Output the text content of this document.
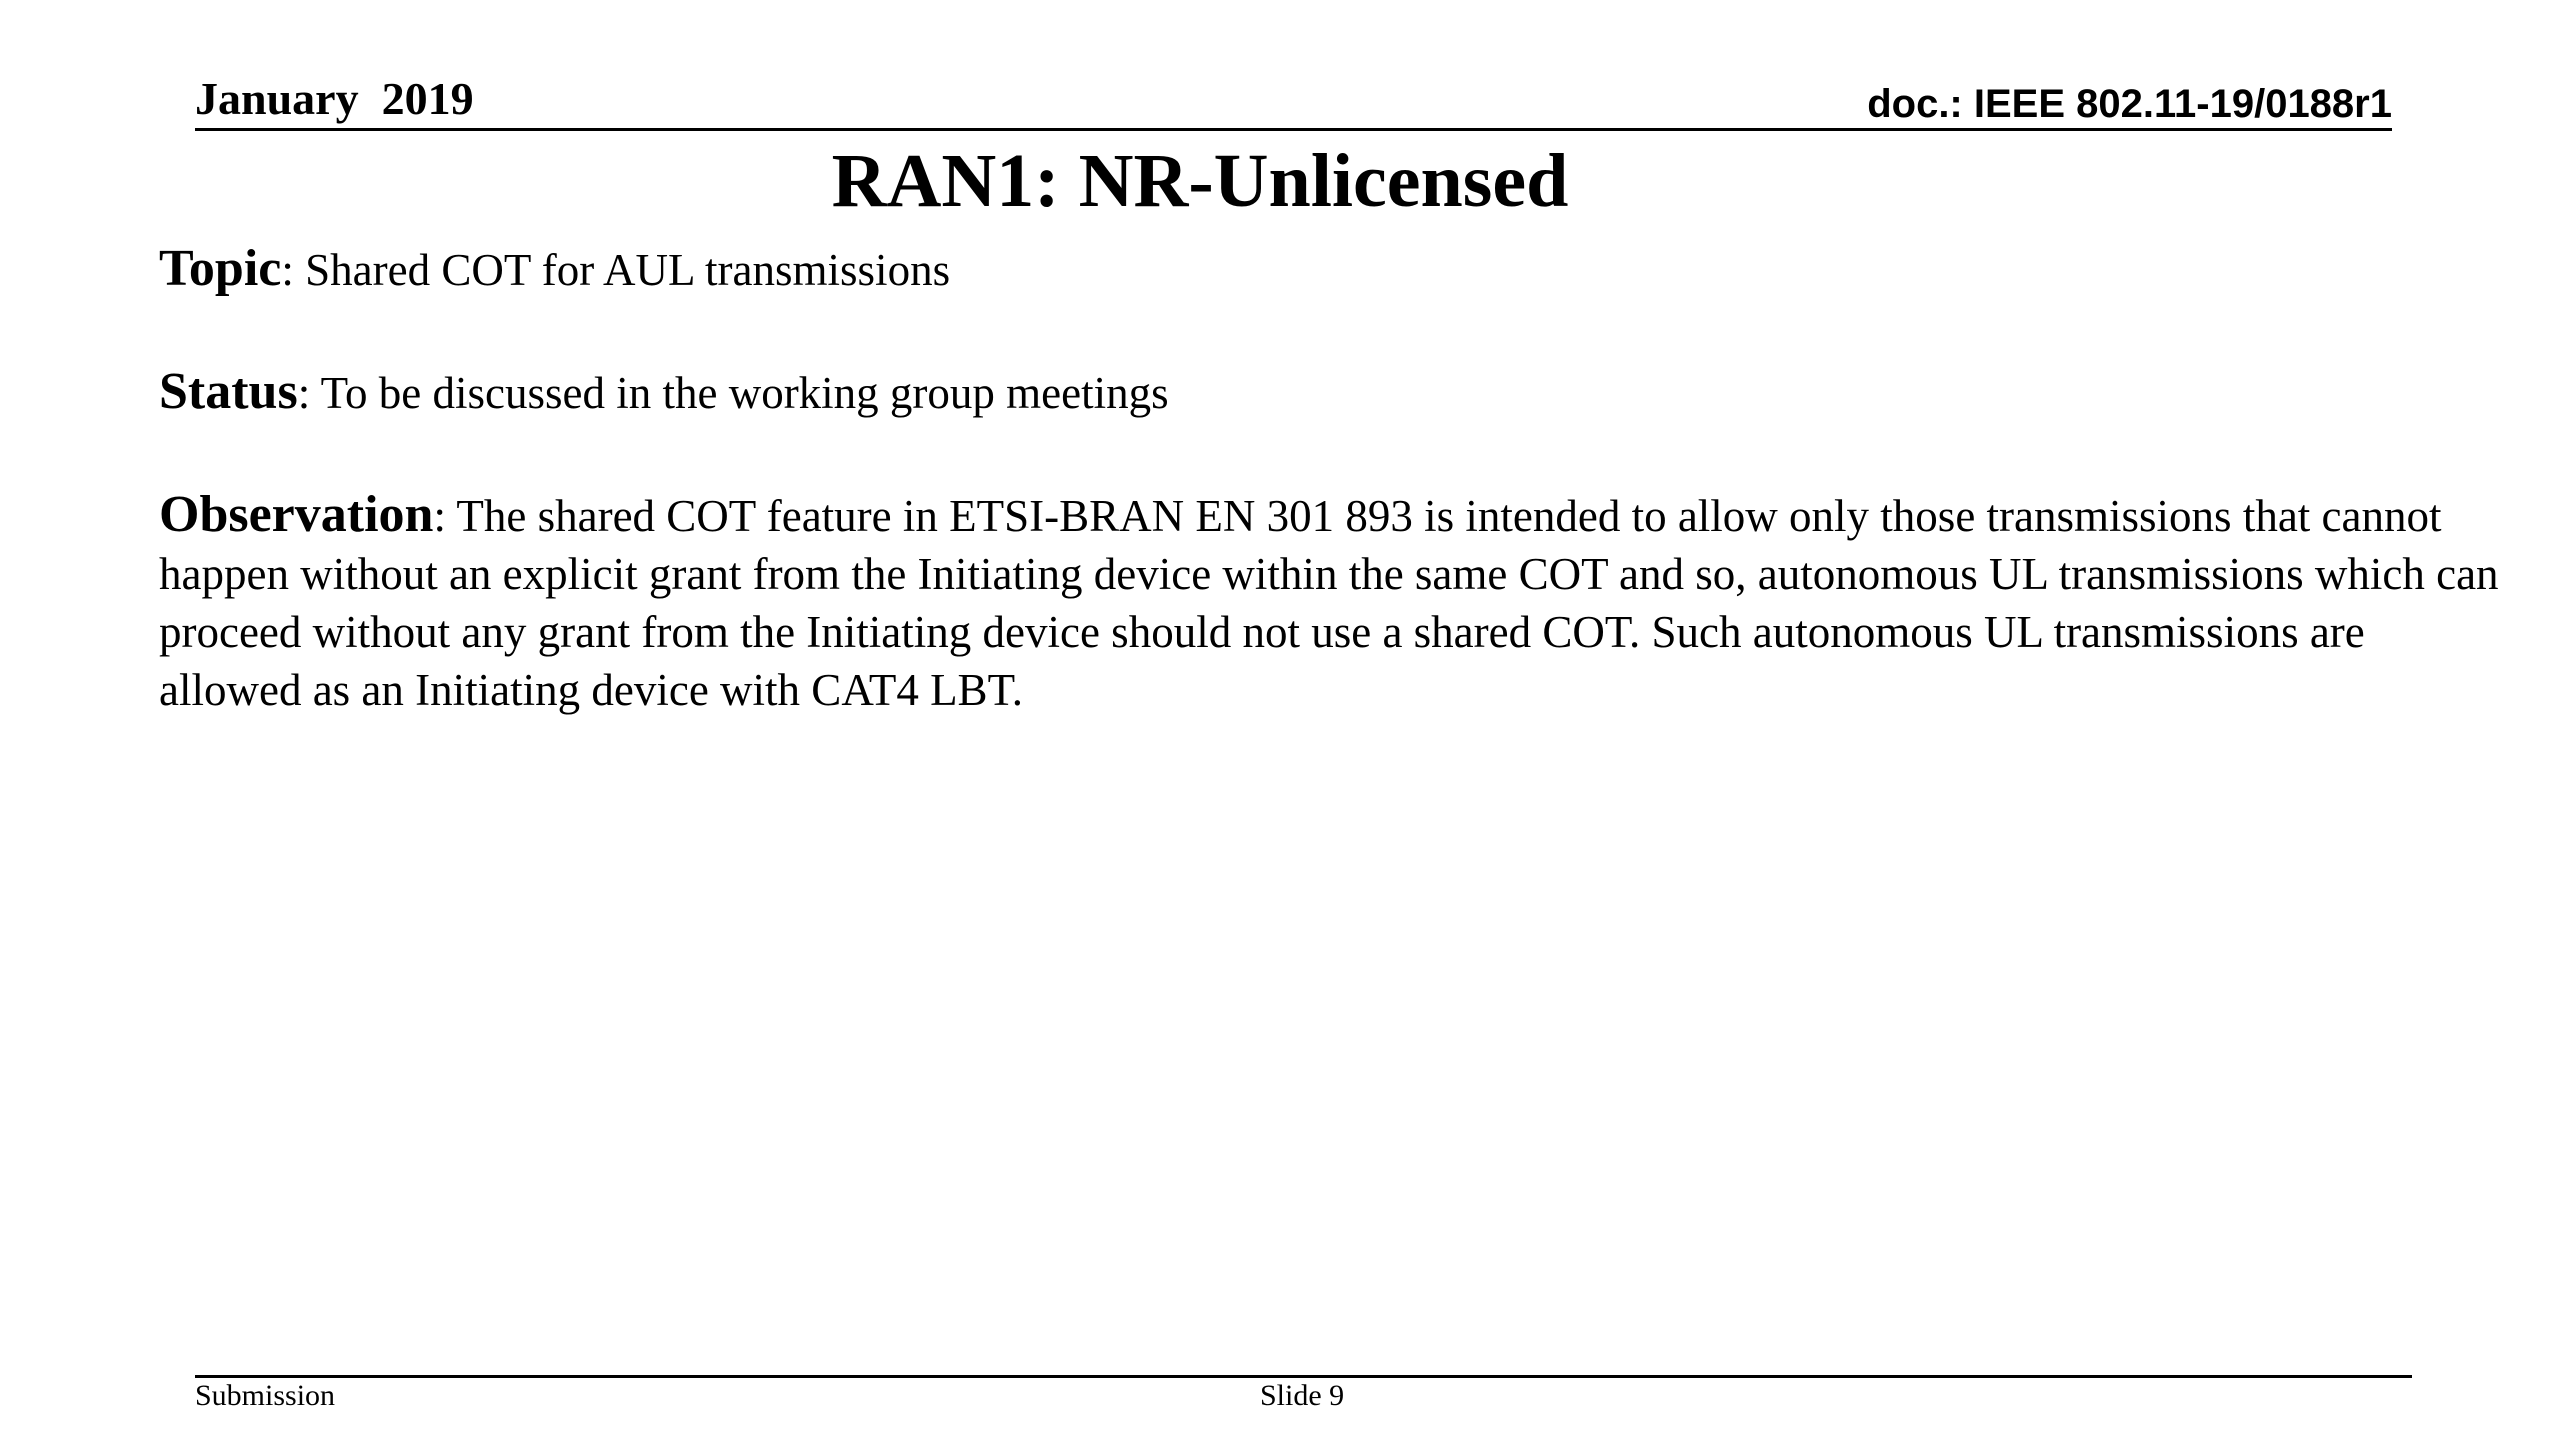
January  2019	doc.: IEEE 802.11-19/0188r1
RAN1: NR-Unlicensed

Topic: Shared COT for AUL transmissions

Status: To be discussed in the working group meetings

Observation: The shared COT feature in ETSI-BRAN EN 301 893 is intended to allow only those transmissions that cannot happen without an explicit grant from the Initiating device within the same COT and so, autonomous UL transmissions which can proceed without any grant from the Initiating device should not use a shared COT. Such autonomous UL transmissions are allowed as an Initiating device with CAT4 LBT.

Submission	Slide 9
